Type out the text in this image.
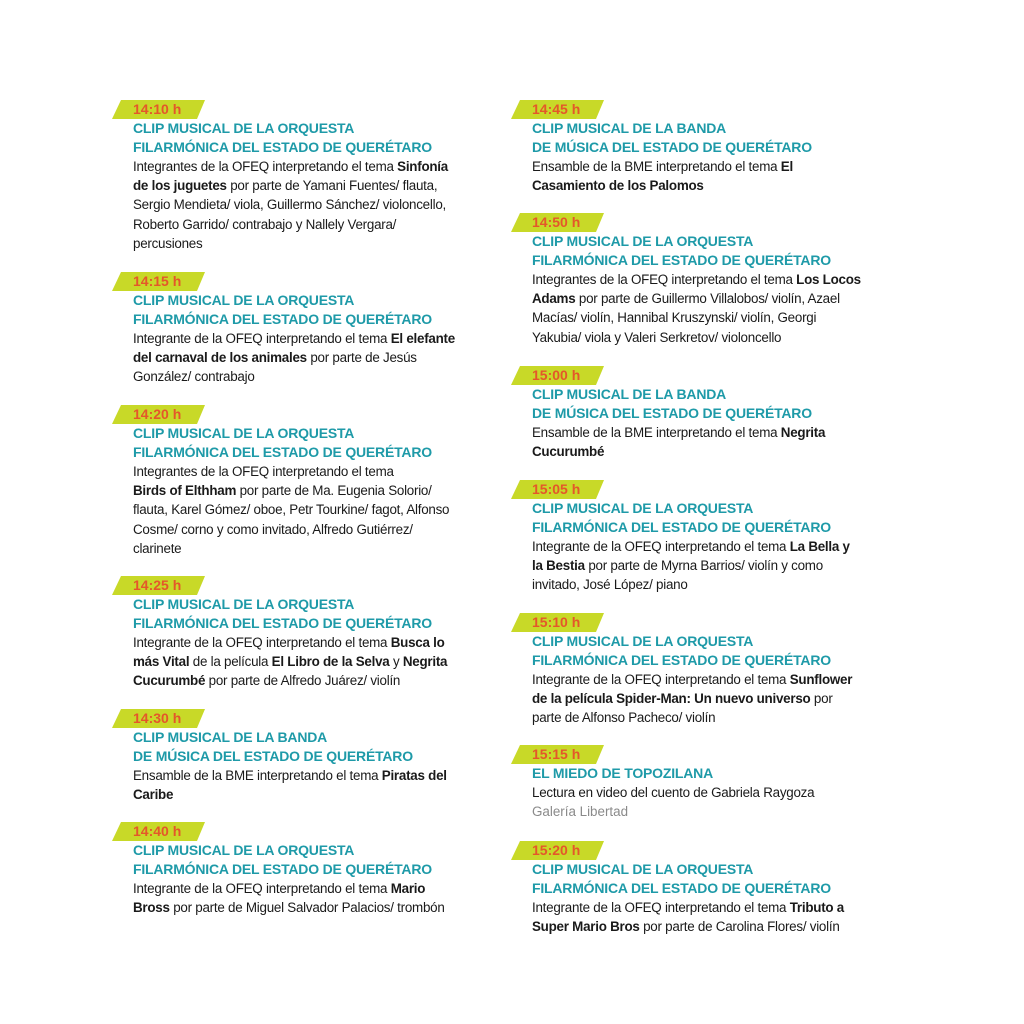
14:10 h
CLIP MUSICAL DE LA ORQUESTA
FILARMÓNICA DEL ESTADO DE QUERÉTARO
Integrantes de la OFEQ interpretando el tema Sinfonía
de los juguetes por parte de Yamani Fuentes/ flauta,
Sergio Mendieta/ viola, Guillermo Sánchez/ violoncello,
Roberto Garrido/ contrabajo y Nallely Vergara/
percusiones
14:15 h
CLIP MUSICAL DE LA ORQUESTA
FILARMÓNICA DEL ESTADO DE QUERÉTARO
Integrante de la OFEQ interpretando el tema El elefante
del carnaval de los animales por parte de Jesús
González/ contrabajo
14:20 h
CLIP MUSICAL DE LA ORQUESTA
FILARMÓNICA DEL ESTADO DE QUERÉTARO
Integrantes de la OFEQ interpretando el tema
Birds of Elthham por parte de Ma. Eugenia Solorio/
flauta, Karel Gómez/ oboe, Petr Tourkine/ fagot, Alfonso
Cosme/ corno y como invitado, Alfredo Gutiérrez/
clarinete
14:25 h
CLIP MUSICAL DE LA ORQUESTA
FILARMÓNICA DEL ESTADO DE QUERÉTARO
Integrante de la OFEQ interpretando el tema Busca lo
más Vital de la película El Libro de la Selva y Negrita
Cucurumbé por parte de Alfredo Juárez/ violín
14:30 h
CLIP MUSICAL DE LA BANDA
DE MÚSICA DEL ESTADO DE QUERÉTARO
Ensamble de la BME interpretando el tema Piratas del
Caribe
14:40 h
CLIP MUSICAL DE LA ORQUESTA
FILARMÓNICA DEL ESTADO DE QUERÉTARO
Integrante de la OFEQ interpretando el tema Mario
Bross por parte de Miguel Salvador Palacios/ trombón
14:45 h
CLIP MUSICAL DE LA BANDA
DE MÚSICA DEL ESTADO DE QUERÉTARO
Ensamble de la BME interpretando el tema El
Casamiento de los Palomos
14:50 h
CLIP MUSICAL DE LA ORQUESTA
FILARMÓNICA DEL ESTADO DE QUERÉTARO
Integrantes de la OFEQ interpretando el tema Los Locos
Adams por parte de Guillermo Villalobos/ violín, Azael
Macías/ violín, Hannibal Kruszynski/ violín, Georgi
Yakubia/ viola y Valeri Serkretov/ violoncello
15:00 h
CLIP MUSICAL DE LA BANDA
DE MÚSICA DEL ESTADO DE QUERÉTARO
Ensamble de la BME interpretando el tema Negrita
Cucurumbé
15:05 h
CLIP MUSICAL DE LA ORQUESTA
FILARMÓNICA DEL ESTADO DE QUERÉTARO
Integrante de la OFEQ interpretando el tema La Bella y
la Bestia por parte de Myrna Barrios/ violín y como
invitado, José López/ piano
15:10 h
CLIP MUSICAL DE LA ORQUESTA
FILARMÓNICA DEL ESTADO DE QUERÉTARO
Integrante de la OFEQ interpretando el tema Sunflower
de la película Spider-Man: Un nuevo universo por
parte de Alfonso Pacheco/ violín
15:15 h
EL MIEDO DE TOPOZILANA
Lectura en video del cuento de Gabriela Raygoza
Galería Libertad
15:20 h
CLIP MUSICAL DE LA ORQUESTA
FILARMÓNICA DEL ESTADO DE QUERÉTARO
Integrante de la OFEQ interpretando el tema Tributo a
Super Mario Bros por parte de Carolina Flores/ violín
